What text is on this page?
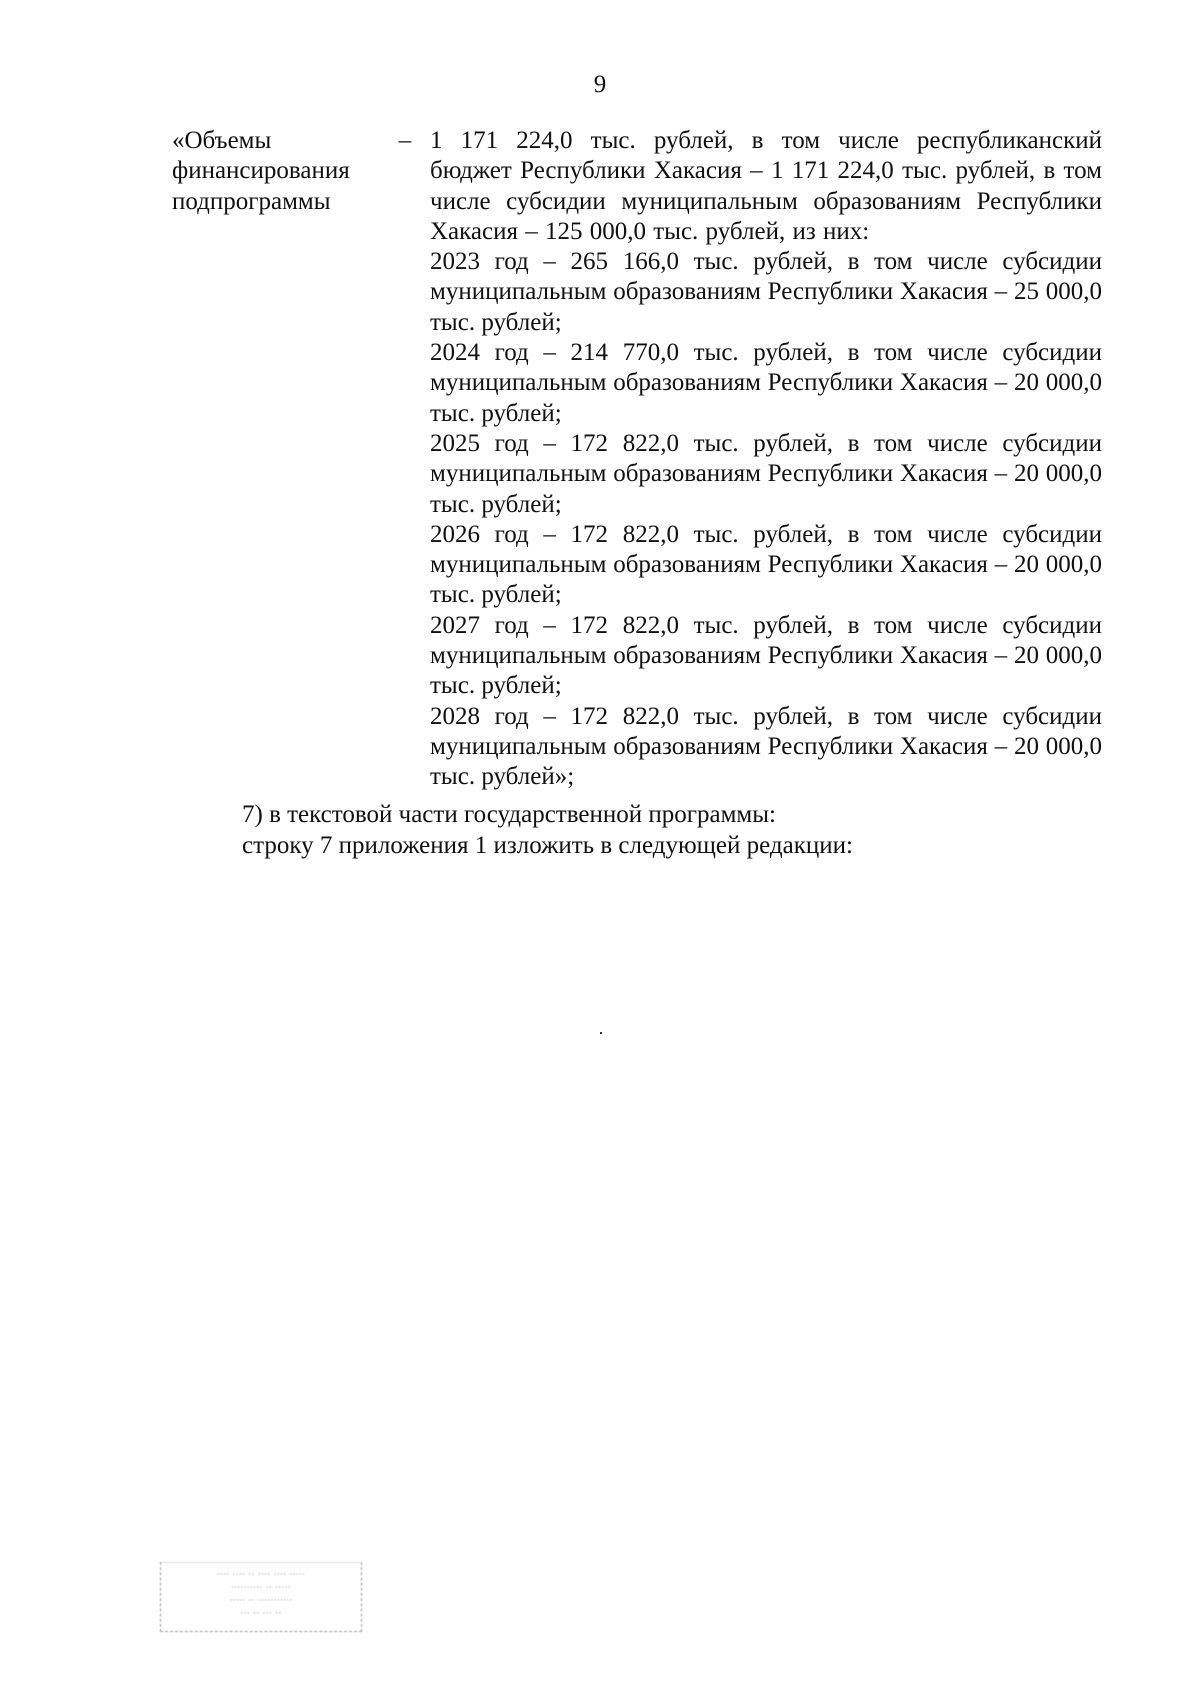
9
«Объемы
финансирования
подпрограммы
– 1 171 224,0 тыс. рублей, в том числе республиканский бюджет Республики Хакасия – 1 171 224,0 тыс. рублей, в том числе субсидии муниципальным образованиям Республики Хакасия – 125 000,0 тыс. рублей, из них:

2023 год – 265 166,0 тыс. рублей, в том числе субсидии муниципальным образованиям Республики Хакасия – 25 000,0 тыс. рублей;

2024 год – 214 770,0 тыс. рублей, в том числе субсидии муниципальным образованиям Республики Хакасия – 20 000,0 тыс. рублей;

2025 год – 172 822,0 тыс. рублей, в том числе субсидии муниципальным образованиям Республики Хакасия – 20 000,0 тыс. рублей;

2026 год – 172 822,0 тыс. рублей, в том числе субсидии муниципальным образованиям Республики Хакасия – 20 000,0 тыс. рублей;

2027 год – 172 822,0 тыс. рублей, в том числе субсидии муниципальным образованиям Республики Хакасия – 20 000,0 тыс. рублей;

2028 год – 172 822,0 тыс. рублей, в том числе субсидии муниципальным образованиям Республики Хакасия – 20 000,0 тыс. рублей»;

7) в текстовой части государственной программы:

строку 7 приложения 1 изложить в следующей редакции:

···· ···· ·· ···· ···· ·····
·········· ·· ·····
····· ·· ···········
··· ·· ··· ··
